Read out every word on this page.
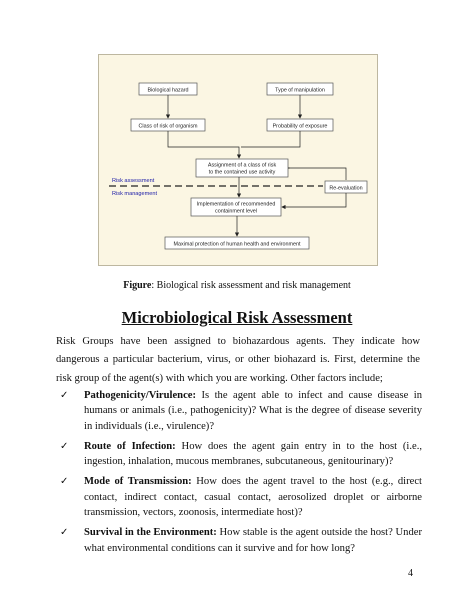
Biological hazard	Type of manipulation
Class of risk of organism	Probability of exposure
Assignment of a class of risk
to the contained use activity
Re-evaluation
Implementation of recommended
containment level
Maximal protection of human health and environment
Risk assessment
Risk management
Figure: Biological risk assessment and risk management
Microbiological Risk Assessment
Risk Groups have been assigned to biohazardous agents. They indicate how dangerous a particular bacterium, virus, or other biohazard is. First, determine the risk group of the agent(s) with which you are working. Other factors include;
✓ Pathogenicity/Virulence: Is the agent able to infect and cause disease in humans or animals (i.e., pathogenicity)? What is the degree of disease severity in individuals (i.e., virulence)?
✓ Route of Infection: How does the agent gain entry in to the host (i.e., ingestion, inhalation, mucous membranes, subcutaneous, genitourinary)?
✓ Mode of Transmission: How does the agent travel to the host (e.g., direct contact, indirect contact, casual contact, aerosolized droplet or airborne transmission, vectors, zoonosis, intermediate host)?
✓ Survival in the Environment: How stable is the agent outside the host? Under what environmental conditions can it survive and for how long?
4
